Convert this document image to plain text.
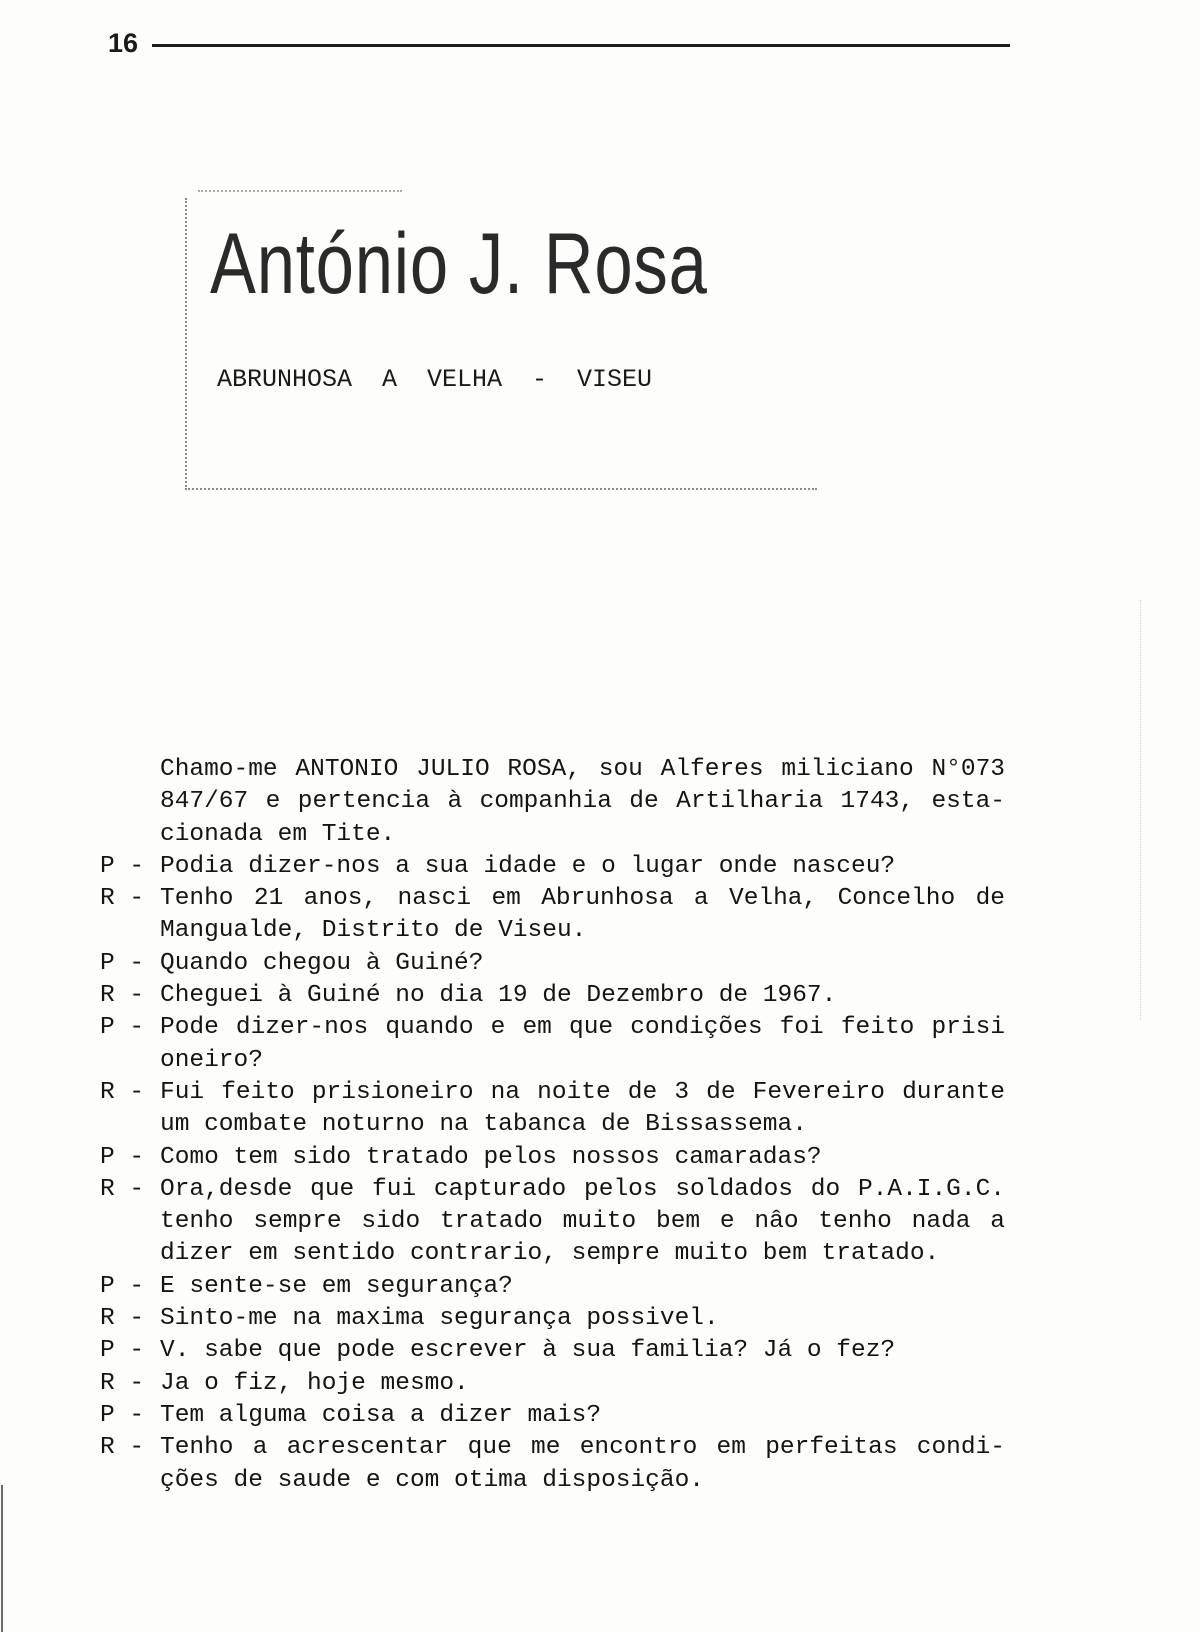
16
António J. Rosa
ABRUNHOSA A VELHA - VISEU
Chamo-me ANTONIO JULIO ROSA, sou Alferes miliciano N°073
847/67 e pertencia à companhia de Artilharia 1743, esta-
cionada em Tite.
P - Podia dizer-nos a sua idade e o lugar onde nasceu?
R - Tenho 21 anos, nasci em Abrunhosa a Velha, Concelho de
Mangualde, Distrito de Viseu.
P - Quando chegou à Guiné?
R - Cheguei à Guiné no dia 19 de Dezembro de 1967.
P - Pode dizer-nos quando e em que condições foi feito prisi
oneiro?
R - Fui feito prisioneiro na noite de 3 de Fevereiro durante
um combate noturno na tabanca de Bissassema.
P - Como tem sido tratado pelos nossos camaradas?
R - Ora,desde que fui capturado pelos soldados do P.A.I.G.C.
tenho sempre sido tratado muito bem e nâo tenho nada a
dizer em sentido contrario, sempre muito bem tratado.
P - E sente-se em segurança?
R - Sinto-me na maxima segurança possivel.
P - V. sabe que pode escrever à sua familia? Já o fez?
R - Ja o fiz, hoje mesmo.
P - Tem alguma coisa a dizer mais?
R - Tenho a acrescentar que me encontro em perfeitas condi-
ções de saude e com otima disposição.
